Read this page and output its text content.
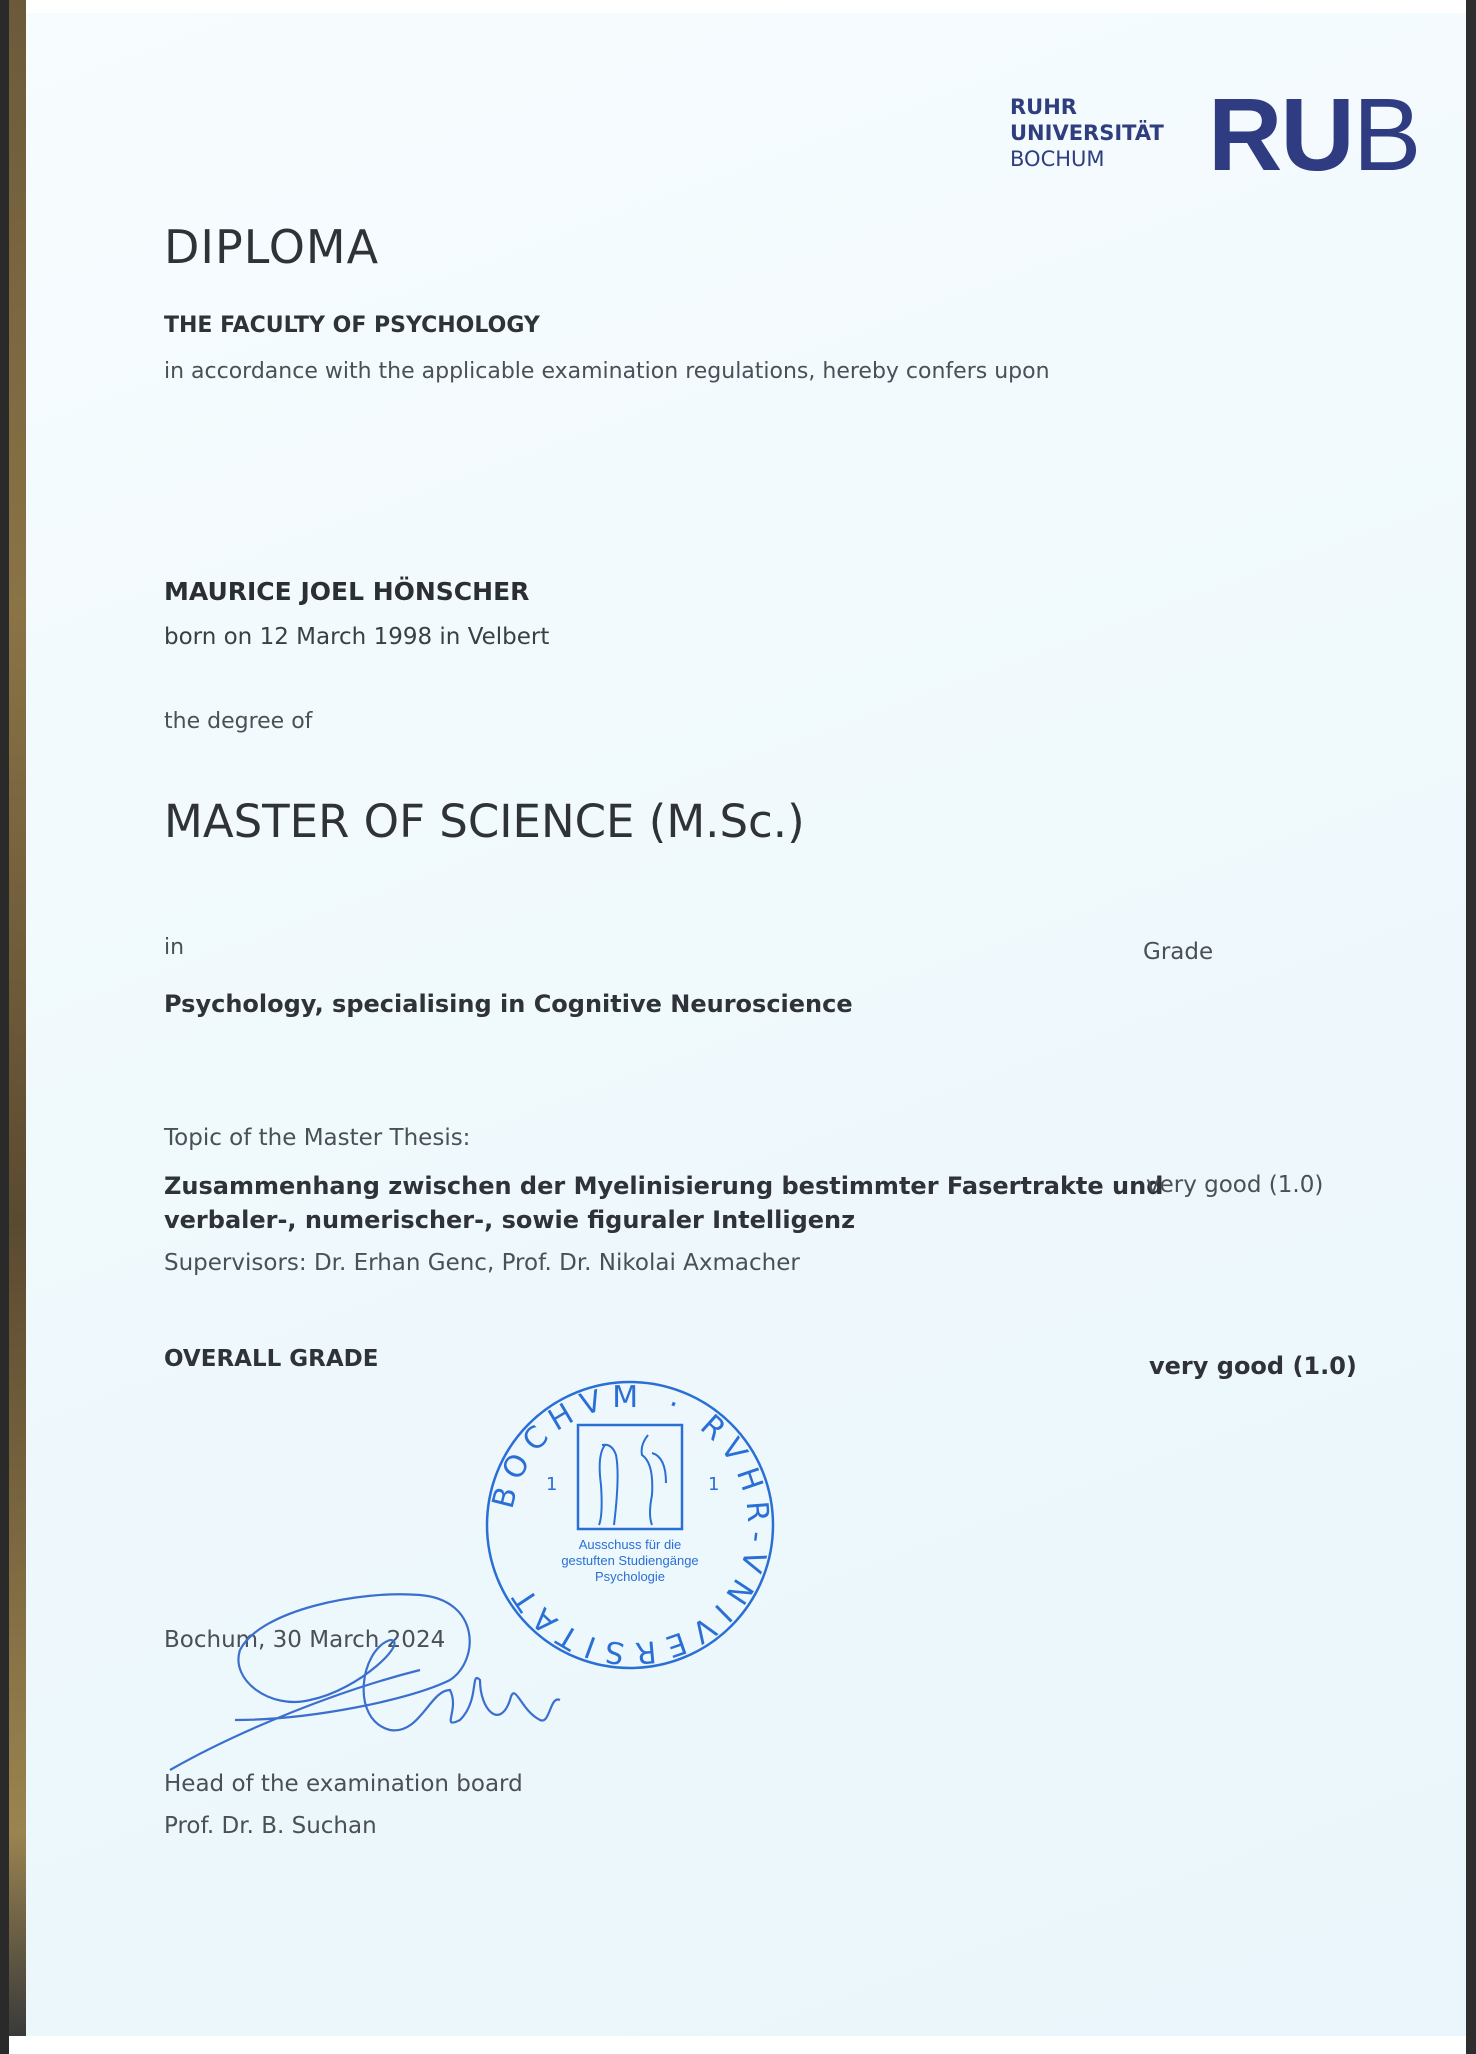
RUHR
UNIVERSITÄT
BOCHUM	RUB
DIPLOMA
THE FACULTY OF PSYCHOLOGY
in accordance with the applicable examination regulations, hereby confers upon
MAURICE JOEL HÖNSCHER
born on 12 March 1998 in Velbert
the degree of
MASTER OF SCIENCE (M.Sc.)
in	Grade
Psychology, specialising in Cognitive Neuroscience
Topic of the Master Thesis:
Zusammenhang zwischen der Myelinisierung bestimmter Fasertrakte und
verbaler-, numerischer-, sowie figuraler Intelligenz
very good (1.0)
Supervisors: Dr. Erhan Genc, Prof. Dr. Nikolai Axmacher
OVERALL GRADE	very good (1.0)
BOCHVM · RVHR-VNIVERSITAT
1	1
Ausschuss für die
gestuften Studiengänge
Psychologie
Bochum, 30 March 2024
Head of the examination board
Prof. Dr. B. Suchan
